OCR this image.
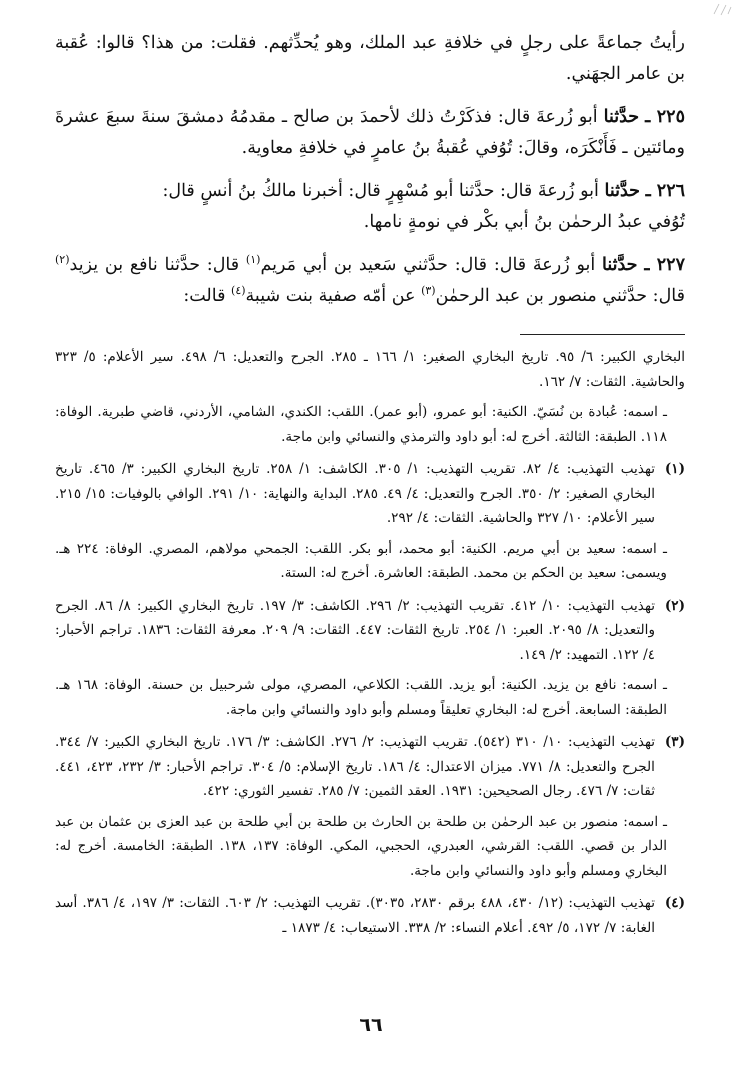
رأيتُ جماعةً على رجلٍ في خلافةِ عبد الملك، وهو يُحدِّثهم. فقلت: من هذا؟ قالوا: عُقبة بن عامر الجهَني.

٢٢٥ ـ حدَّثنا أبو زُرعةَ قال: فذكَرْتُ ذلك لأحمدَ بن صالح ـ مقدمُهُ دمشقَ سنةَ سبعَ عشرةَ ومائتين ـ فَأَنْكَرَه، وقالَ: تُوُفي عُقبةُ بنُ عامرٍ في خلافةِ معاوية.

٢٢٦ ـ حدَّثنا أبو زُرعةَ قال: حدَّثنا أبو مُسْهِرٍ قال: أخبرنا مالكُ بنُ أنسٍ قال:
تُوُفي عبدُ الرحمٰن بنُ أبي بكْر في نومةٍ نامها.

٢٢٧ ـ حدَّثنا أبو زُرعةَ قال: قال: حدَّثني سَعيد بن أبي مَريم$^{(١)}$ قال: حدَّثنا نافع بن يزيد$^{(٢)}$ قال: حدَّثني منصور بن عبد الرحمٰن$^{(٣)}$ عن أمّه صفية بنت شيبة$^{(٤)}$ قالت:

البخاري الكبير: ٦/ ٩٥. تاريخ البخاري الصغير: ١/ ١٦٦ ـ ٢٨٥. الجرح والتعديل: ٦/ ٤٩٨. سير الأعلام: ٥/ ٣٢٣ والحاشية. الثقات: ٧/ ١٦٢.

ـ اسمه: عُبادة بن نُسَيّ. الكنية: أبو عمرو، (أبو عمر). اللقب: الكندي، الشامي، الأردني، قاضي طبرية. الوفاة: ١١٨. الطبقة: الثالثة. أخرج له: أبو داود والترمذي والنسائي وابن ماجة.

(١)
تهذيب التهذيب: ٤/ ٨٢. تقريب التهذيب: ١/ ٣٠٥. الكاشف: ١/ ٢٥٨. تاريخ البخاري الكبير: ٣/ ٤٦٥. تاريخ البخاري الصغير: ٢/ ٣٥٠. الجرح والتعديل: ٤/ ٤٩. ٢٨٥. البداية والنهاية: ١٠/ ٢٩١. الوافي بالوفيات: ١٥/ ٢١٥. سير الأعلام: ١٠/ ٣٢٧ والحاشية. الثقات: ٤/ ٢٩٢.

ـ اسمه: سعيد بن أبي مريم. الكنية: أبو محمد، أبو بكر. اللقب: الجمحي مولاهم، المصري. الوفاة: ٢٢٤ هـ. ويسمى: سعيد بن الحكم بن محمد. الطبقة: العاشرة. أخرج له: الستة.

(٢)
تهذيب التهذيب: ١٠/ ٤١٢. تقريب التهذيب: ٢/ ٢٩٦. الكاشف: ٣/ ١٩٧. تاريخ البخاري الكبير: ٨/ ٨٦. الجرح والتعديل: ٨/ ٢٠٩٥. العبر: ١/ ٢٥٤. تاريخ الثقات: ٤٤٧. الثقات: ٩/ ٢٠٩. معرفة الثقات: ١٨٣٦. تراجم الأحبار: ٤/ ١٢٢. التمهيد: ٢/ ١٤٩.

ـ اسمه: نافع بن يزيد. الكنية: أبو يزيد. اللقب: الكلاعي، المصري، مولى شرحبيل بن حسنة. الوفاة: ١٦٨ هـ. الطبقة: السابعة. أخرج له: البخاري تعليقاً ومسلم وأبو داود والنسائي وابن ماجة.

(٣)
تهذيب التهذيب: ١٠/ ٣١٠ (٥٤٢). تقريب التهذيب: ٢/ ٢٧٦. الكاشف: ٣/ ١٧٦. تاريخ البخاري الكبير: ٧/ ٣٤٤. الجرح والتعديل: ٨/ ٧٧١. ميزان الاعتدال: ٤/ ١٨٦. تاريخ الإسلام: ٥/ ٣٠٤. تراجم الأحبار: ٣/ ٢٣٢، ٤٢٣، ٤٤١. ثقات: ٧/ ٤٧٦. رجال الصحيحين: ١٩٣١. العقد الثمين: ٧/ ٢٨٥. تفسير الثوري: ٤٢٢.

ـ اسمه: منصور بن عبد الرحمٰن بن طلحة بن الحارث بن طلحة بن أبي طلحة بن عبد العزى بن عثمان بن عبد الدار بن قصي. اللقب: القرشي، العبدري، الحجبي، المكي. الوفاة: ١٣٧، ١٣٨. الطبقة: الخامسة. أخرج له: البخاري ومسلم وأبو داود والنسائي وابن ماجة.

(٤)
تهذيب التهذيب: (١٢/ ٤٣٠، ٤٨٨ برقم ٢٨٣٠، ٣٠٣٥). تقريب التهذيب: ٢/ ٦٠٣. الثقات: ٣/ ١٩٧، ٤/ ٣٨٦. أسد الغابة: ٧/ ١٧٢، ٥/ ٤٩٢. أعلام النساء: ٢/ ٣٣٨. الاستيعاب: ٤/ ١٨٧٣ ـ

٦٦
